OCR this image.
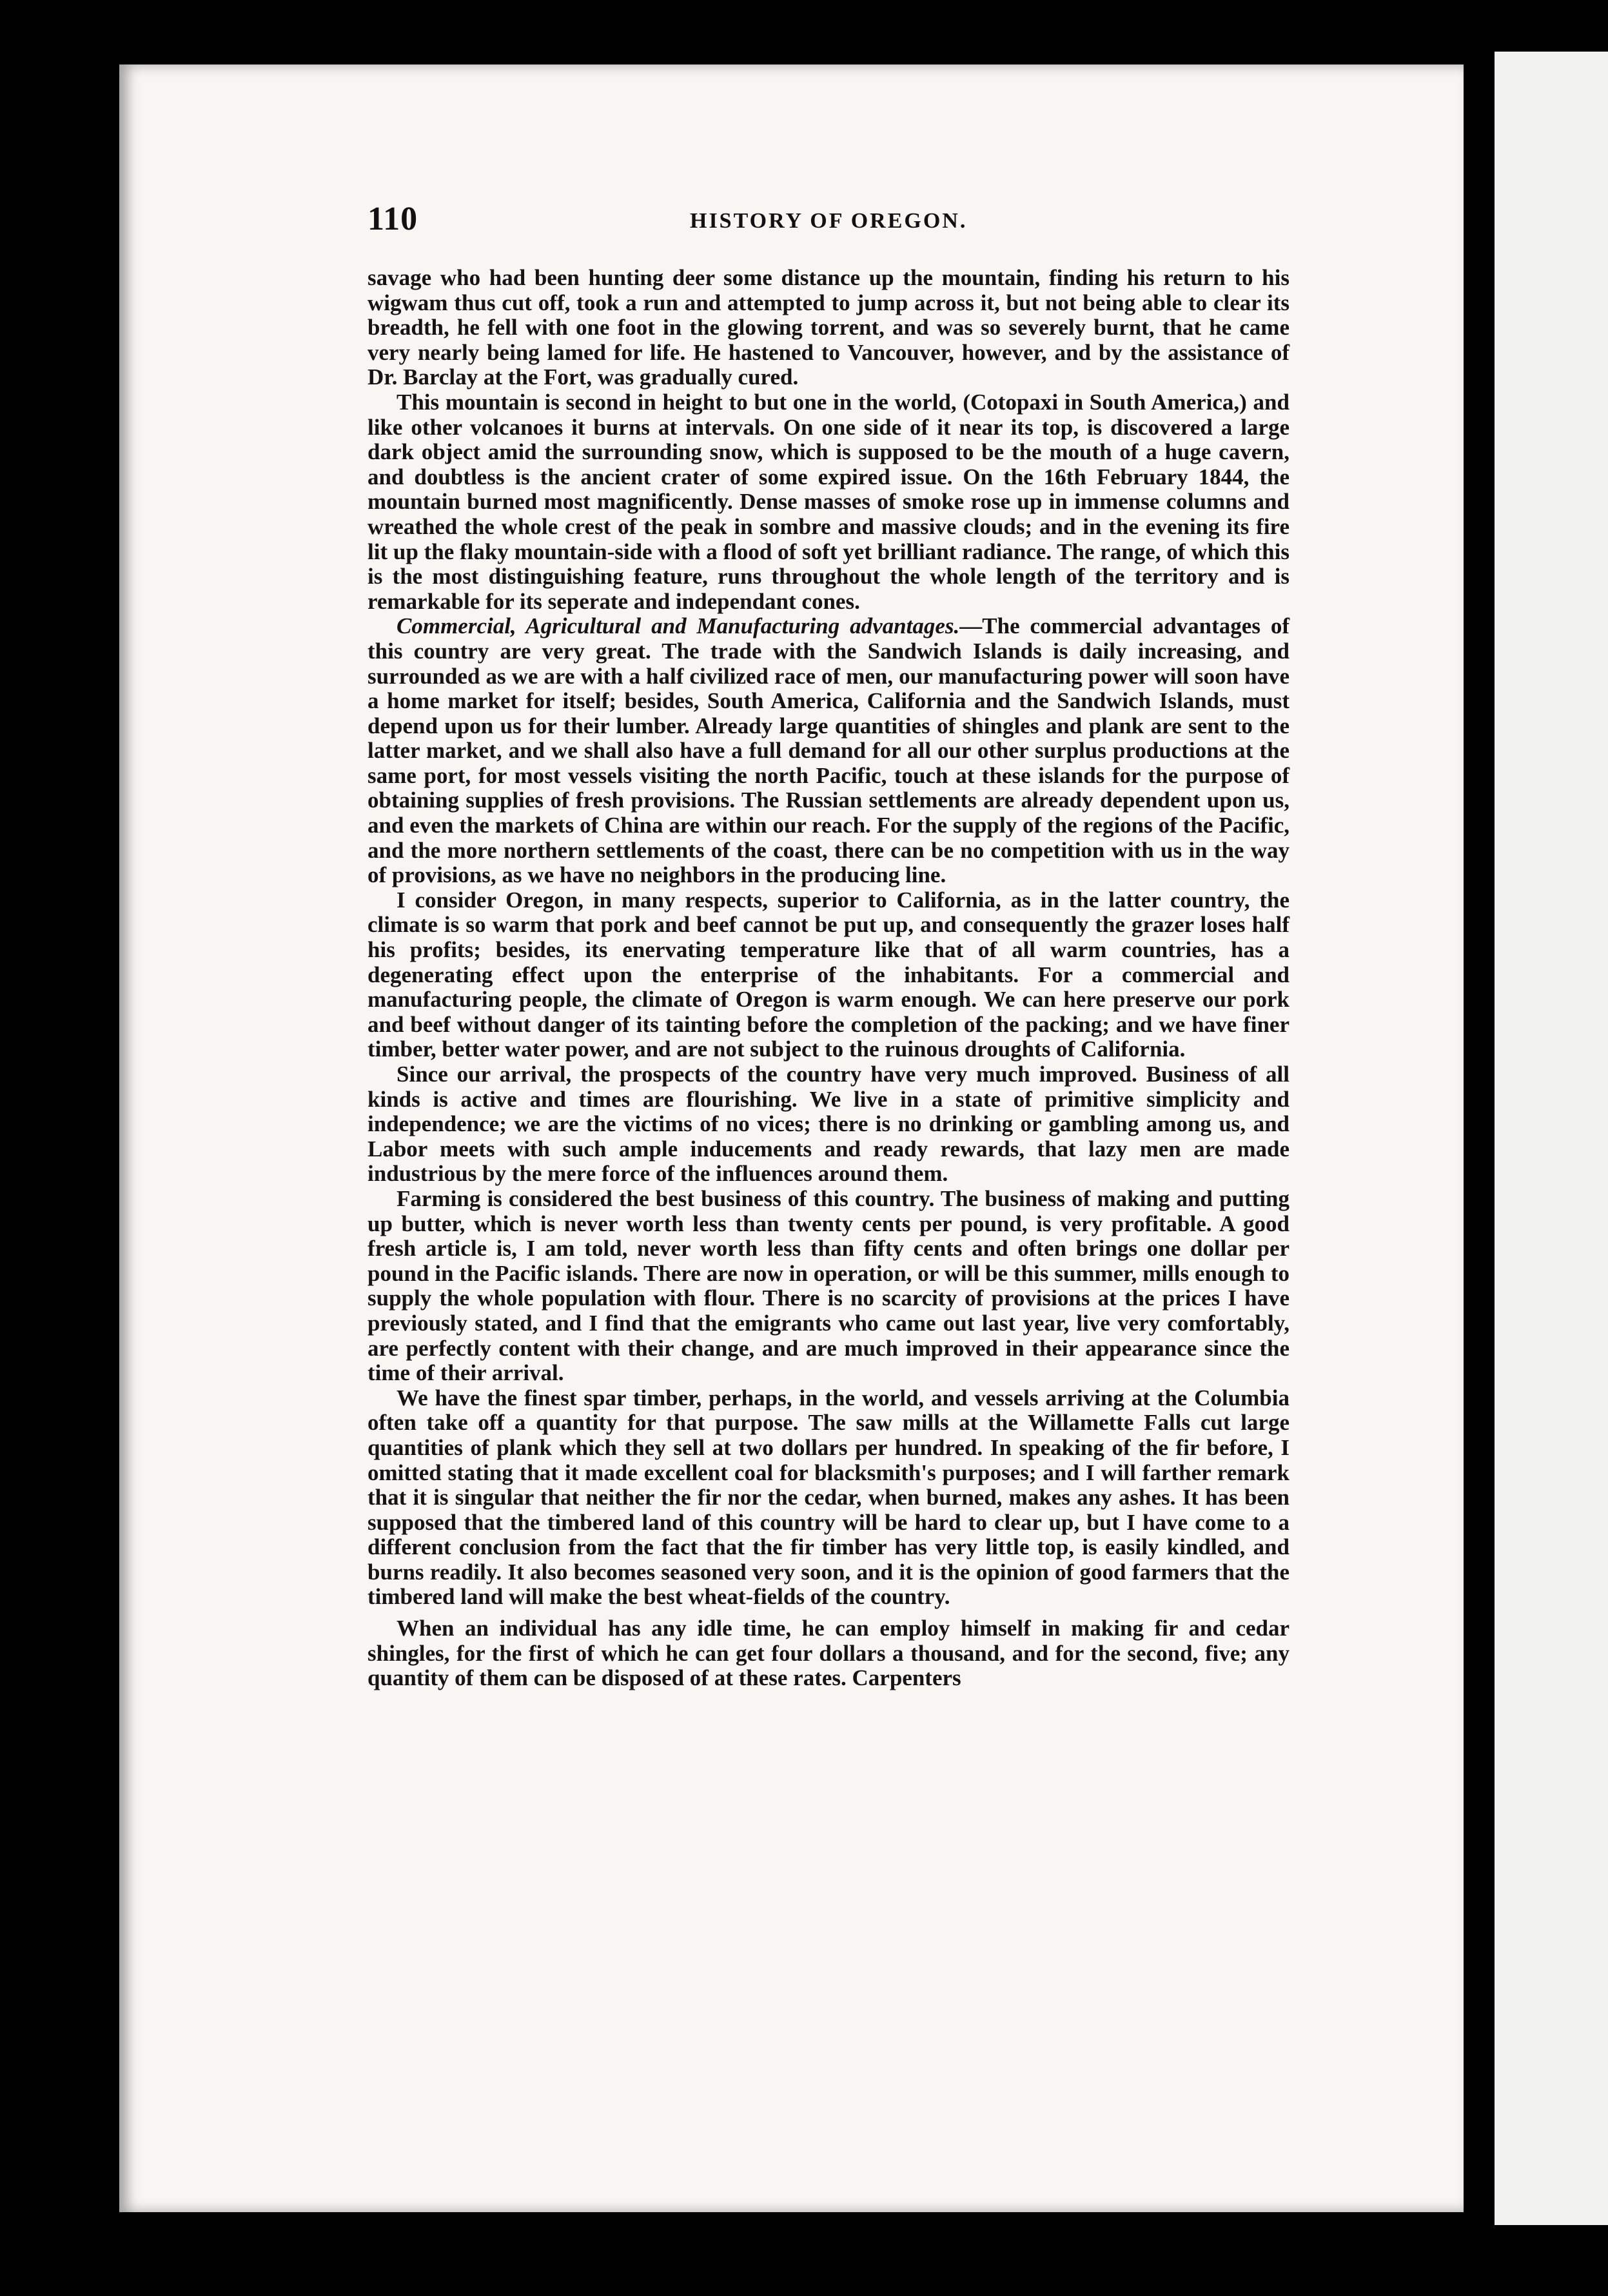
110	HISTORY OF OREGON.

savage who had been hunting deer some distance up the mountain, finding his return to his wigwam thus cut off, took a run and attempted to jump across it, but not being able to clear its breadth, he fell with one foot in the glowing torrent, and was so severely burnt, that he came very nearly being lamed for life. He hastened to Vancouver, however, and by the assistance of Dr. Barclay at the Fort, was gradually cured.

This mountain is second in height to but one in the world, (Cotopaxi in South America,) and like other volcanoes it burns at intervals. On one side of it near its top, is discovered a large dark object amid the surrounding snow, which is supposed to be the mouth of a huge cavern, and doubtless is the ancient crater of some expired issue. On the 16th February 1844, the mountain burned most magnificently. Dense masses of smoke rose up in immense columns and wreathed the whole crest of the peak in sombre and massive clouds; and in the evening its fire lit up the flaky mountain-side with a flood of soft yet brilliant radiance. The range, of which this is the most distinguishing feature, runs throughout the whole length of the territory and is remarkable for its seperate and independant cones.

Commercial, Agricultural and Manufacturing advantages.—The commercial advantages of this country are very great. The trade with the Sandwich Islands is daily increasing, and surrounded as we are with a half civilized race of men, our manufacturing power will soon have a home market for itself; besides, South America, California and the Sandwich Islands, must depend upon us for their lumber. Already large quantities of shingles and plank are sent to the latter market, and we shall also have a full demand for all our other surplus productions at the same port, for most vessels visiting the north Pacific, touch at these islands for the purpose of obtaining supplies of fresh provisions. The Russian settlements are already dependent upon us, and even the markets of China are within our reach. For the supply of the regions of the Pacific, and the more northern settlements of the coast, there can be no competition with us in the way of provisions, as we have no neighbors in the producing line.

I consider Oregon, in many respects, superior to California, as in the latter country, the climate is so warm that pork and beef cannot be put up, and consequently the grazer loses half his profits; besides, its enervating temperature like that of all warm countries, has a degenerating effect upon the enterprise of the inhabitants. For a commercial and manufacturing people, the climate of Oregon is warm enough. We can here preserve our pork and beef without danger of its tainting before the completion of the packing; and we have finer timber, better water power, and are not subject to the ruinous droughts of California.

Since our arrival, the prospects of the country have very much improved. Business of all kinds is active and times are flourishing. We live in a state of primitive simplicity and independence; we are the victims of no vices; there is no drinking or gambling among us, and Labor meets with such ample inducements and ready rewards, that lazy men are made industrious by the mere force of the influences around them.

Farming is considered the best business of this country. The business of making and putting up butter, which is never worth less than twenty cents per pound, is very profitable. A good fresh article is, I am told, never worth less than fifty cents and often brings one dollar per pound in the Pacific islands. There are now in operation, or will be this summer, mills enough to supply the whole population with flour. There is no scarcity of provisions at the prices I have previously stated, and I find that the emigrants who came out last year, live very comfortably, are perfectly content with their change, and are much improved in their appearance since the time of their arrival.

We have the finest spar timber, perhaps, in the world, and vessels arriving at the Columbia often take off a quantity for that purpose. The saw mills at the Willamette Falls cut large quantities of plank which they sell at two dollars per hundred. In speaking of the fir before, I omitted stating that it made excellent coal for blacksmith's purposes; and I will farther remark that it is singular that neither the fir nor the cedar, when burned, makes any ashes. It has been supposed that the timbered land of this country will be hard to clear up, but I have come to a different conclusion from the fact that the fir timber has very little top, is easily kindled, and burns readily. It also becomes seasoned very soon, and it is the opinion of good farmers that the timbered land will make the best wheat-fields of the country.

When an individual has any idle time, he can employ himself in making fir and cedar shingles, for the first of which he can get four dollars a thousand, and for the second, five; any quantity of them can be disposed of at these rates. Carpenters
